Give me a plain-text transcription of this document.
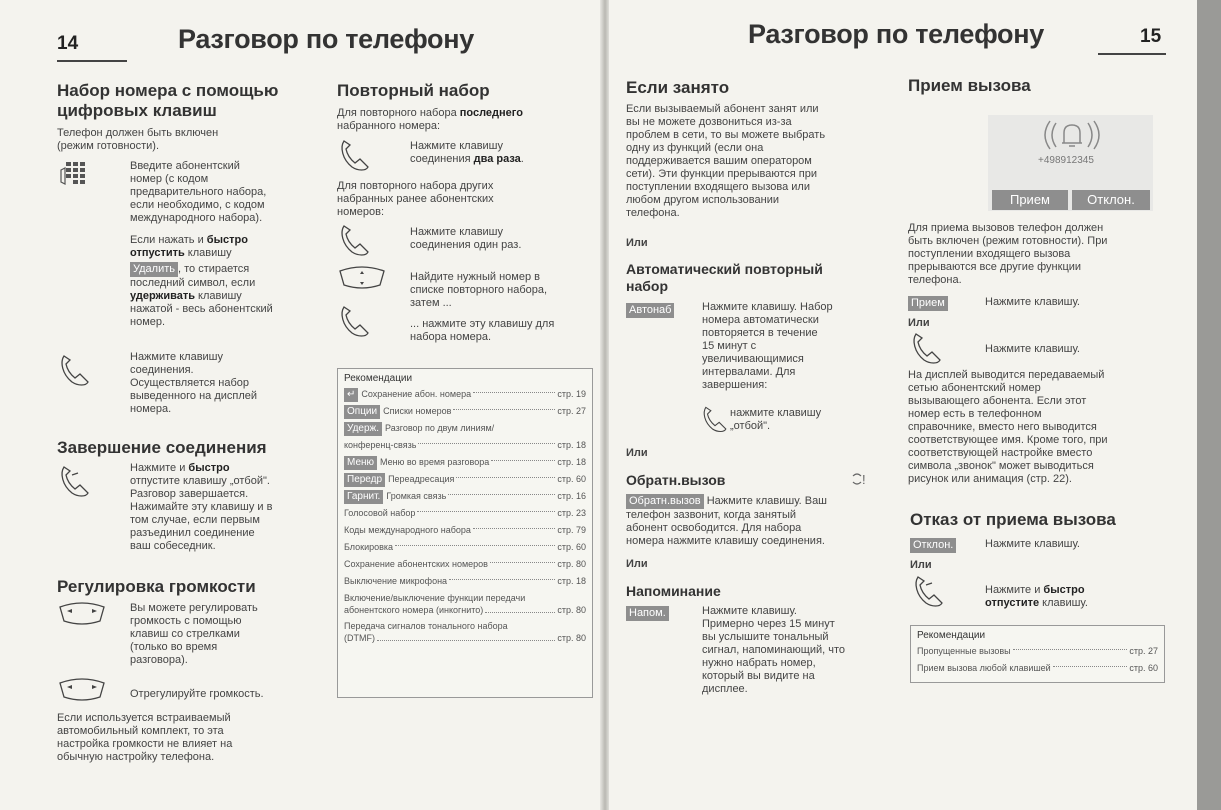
14	Разговор по телефону
Набор номера с помощью
цифровых клавиш
Телефон должен быть включен
(режим готовности).
Введите абонентский
номер (с кодом
предварительного набора,
если необходимо, с кодом
международного набора).
Если нажать и быстро
отпустить клавишу
Удалить , то стирается
последний символ, если
удерживать клавишу
нажатой - весь абонентский
номер.
Нажмите клавишу
соединения.
Осуществляется набор
выведенного на дисплей
номера.
Завершение соединения
Нажмите и быстро
отпустите клавишу „отбой".
Разговор завершается.
Нажимайте эту клавишу и в
том случае, если первым
разъединил соединение
ваш собеседник.
Регулировка громкости
Вы можете регулировать
громкость с помощью
клавиш со стрелками
(только во время
разговора).
Отрегулируйте громкость.
Если используется встраиваемый
автомобильный комплект, то эта
настройка громкости не влияет на
обычную настройку телефона.
Повторный набор
Для повторного набора последнего
набранного номера:
Нажмите клавишу
соединения два раза.
Для повторного набора других
набранных ранее абонентских
номеров:
Нажмите клавишу
соединения один раз.
Найдите нужный номер в
списке повторного набора,
затем ...
... нажмите эту клавишу для
набора номера.
Рекомендации
↵ Сохранение абон. номера	стр. 19
Опции Списки номеров	стр. 27
Удерж. Разговор по двум линиям/
конференц-связь	стр. 18
Меню Меню во время разговора	стр. 18
Передр Переадресация	стр. 60
Гарнит. Громкая связь	стр. 16
Голосовой набор	стр. 23
Коды международного набора	стр. 79
Блокировка	стр. 60
Сохранение абонентских номеров	стр. 80
Выключение микрофона	стр. 18
Включение/выключение функции передачи
абонентского номера (инкогнито)	стр. 80
Передача сигналов тонального набора
(DTMF)	стр. 80
Разговор по телефону	15
Если занято
Если вызываемый абонент занят или
вы не можете дозвониться из-за
проблем в сети, то вы можете выбрать
одну из функций (если она
поддерживается вашим оператором
сети). Эти функции прерываются при
поступлении входящего вызова или
любом другом использовании
телефона.
Или
Автоматический повторный
набор
Автонаб	Нажмите клавишу. Набор
номера автоматически
повторяется в течение
15 минут с
увеличивающимися
интервалами. Для
завершения:
нажмите клавишу
„отбой".
Или
Обратн.вызов	!
Обратн.вызов Нажмите клавишу. Ваш
телефон зазвонит, когда занятый
абонент освободится. Для набора
номера нажмите клавишу соединения.
Или
Напоминание
Напом.	Нажмите клавишу.
Примерно через 15 минут
вы услышите тональный
сигнал, напоминающий, что
нужно набрать номер,
который вы видите на
дисплее.
Прием вызова
+498912345
Прием	Отклон.
Для приема вызовов телефон должен
быть включен (режим готовности). При
поступлении входящего вызова
прерываются все другие функции
телефона.
Прием	Нажмите клавишу.
Или
Нажмите клавишу.
На дисплей выводится передаваемый
сетью абонентский номер
вызывающего абонента. Если этот
номер есть в телефонном
справочнике, вместо него выводится
соответствующее имя. Кроме того, при
соответствующей настройке вместо
символа „звонок" может выводиться
рисунок или анимация (стр. 22).
Отказ от приема вызова
Отклон.	Нажмите клавишу.
Или
Нажмите и быстро
отпустите клавишу.
Рекомендации
Пропущенные вызовы	стр. 27
Прием вызова любой клавишей	стр. 60
